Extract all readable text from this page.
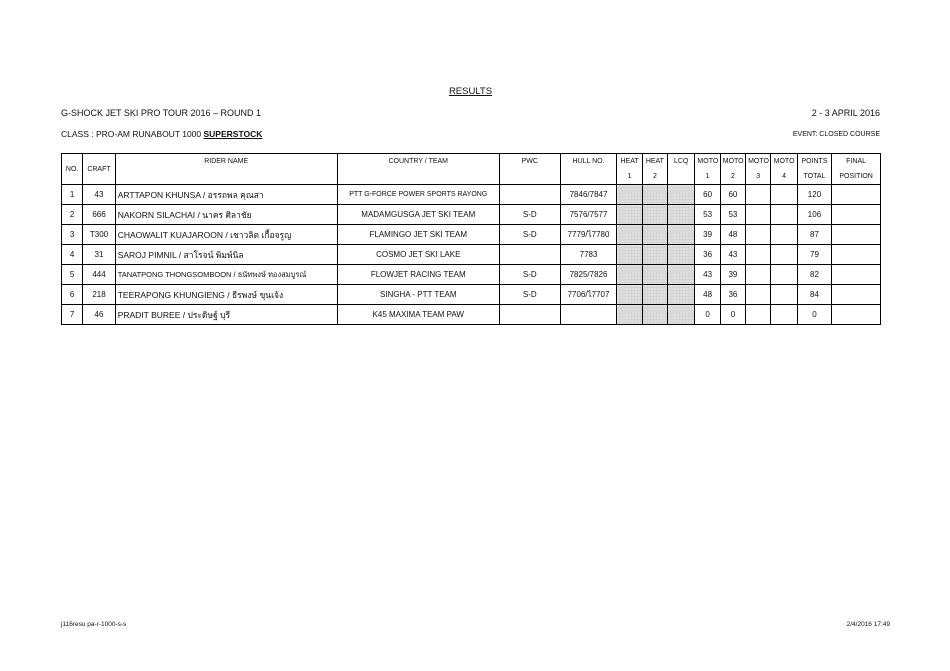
RESULTS
G-SHOCK JET SKI PRO TOUR 2016 – ROUND 1	2 - 3 APRIL 2016
CLASS : PRO-AM RUNABOUT 1000 SUPERSTOCK	EVENT: CLOSED COURSE
NO.	CRAFT	RIDER NAME	COUNTRY / TEAM	PWC	HULL NO.	HEAT	HEAT	LCQ	MOTO	MOTO	MOTO	MOTO	POINTS	FINAL
						1	2		1	2	3	4	TOTAL	POSITION
1	43	ARTTAPON KHUNSA / อรรถพล คุณสา	PTT G-FORCE POWER SPORTS RAYONG		7846/7847				60	60			120	
2	666	NAKORN SILACHAI / นาคร ศิลาชัย	MADAMGUSGA JET SKI TEAM	S-D	7576/7577				53	53			106	
3	T300	CHAOWALIT KUAJAROON / เชาวลิต เกื้อจรูญ	FLAMINGO JET SKI TEAM	S-D	7779/ไ7780				39	48			87	
4	31	SAROJ PIMNIL / สาโรจน์ พิมพ์นิล	COSMO JET SKI LAKE		7783				36	43			79	
5	444	TANATPONG THONGSOMBOON / ธนัทพงษ์ ทองสมบูรณ์	FLOWJET RACING TEAM	S-D	7825/7826				43	39			82	
6	218	TEERAPONG KHUNGIENG / ธีรพงษ์ ขุนเจ้ง	SINGHA - PTT TEAM	S-D	7706/ไ7707				48	36			84	
7	46	PRADIT BUREE / ประดิษฐ์ บุรี	K45 MAXIMA TEAM PAW						0	0			0	
j116resu pa-r-1000-s-s	2/4/2016 17:49
